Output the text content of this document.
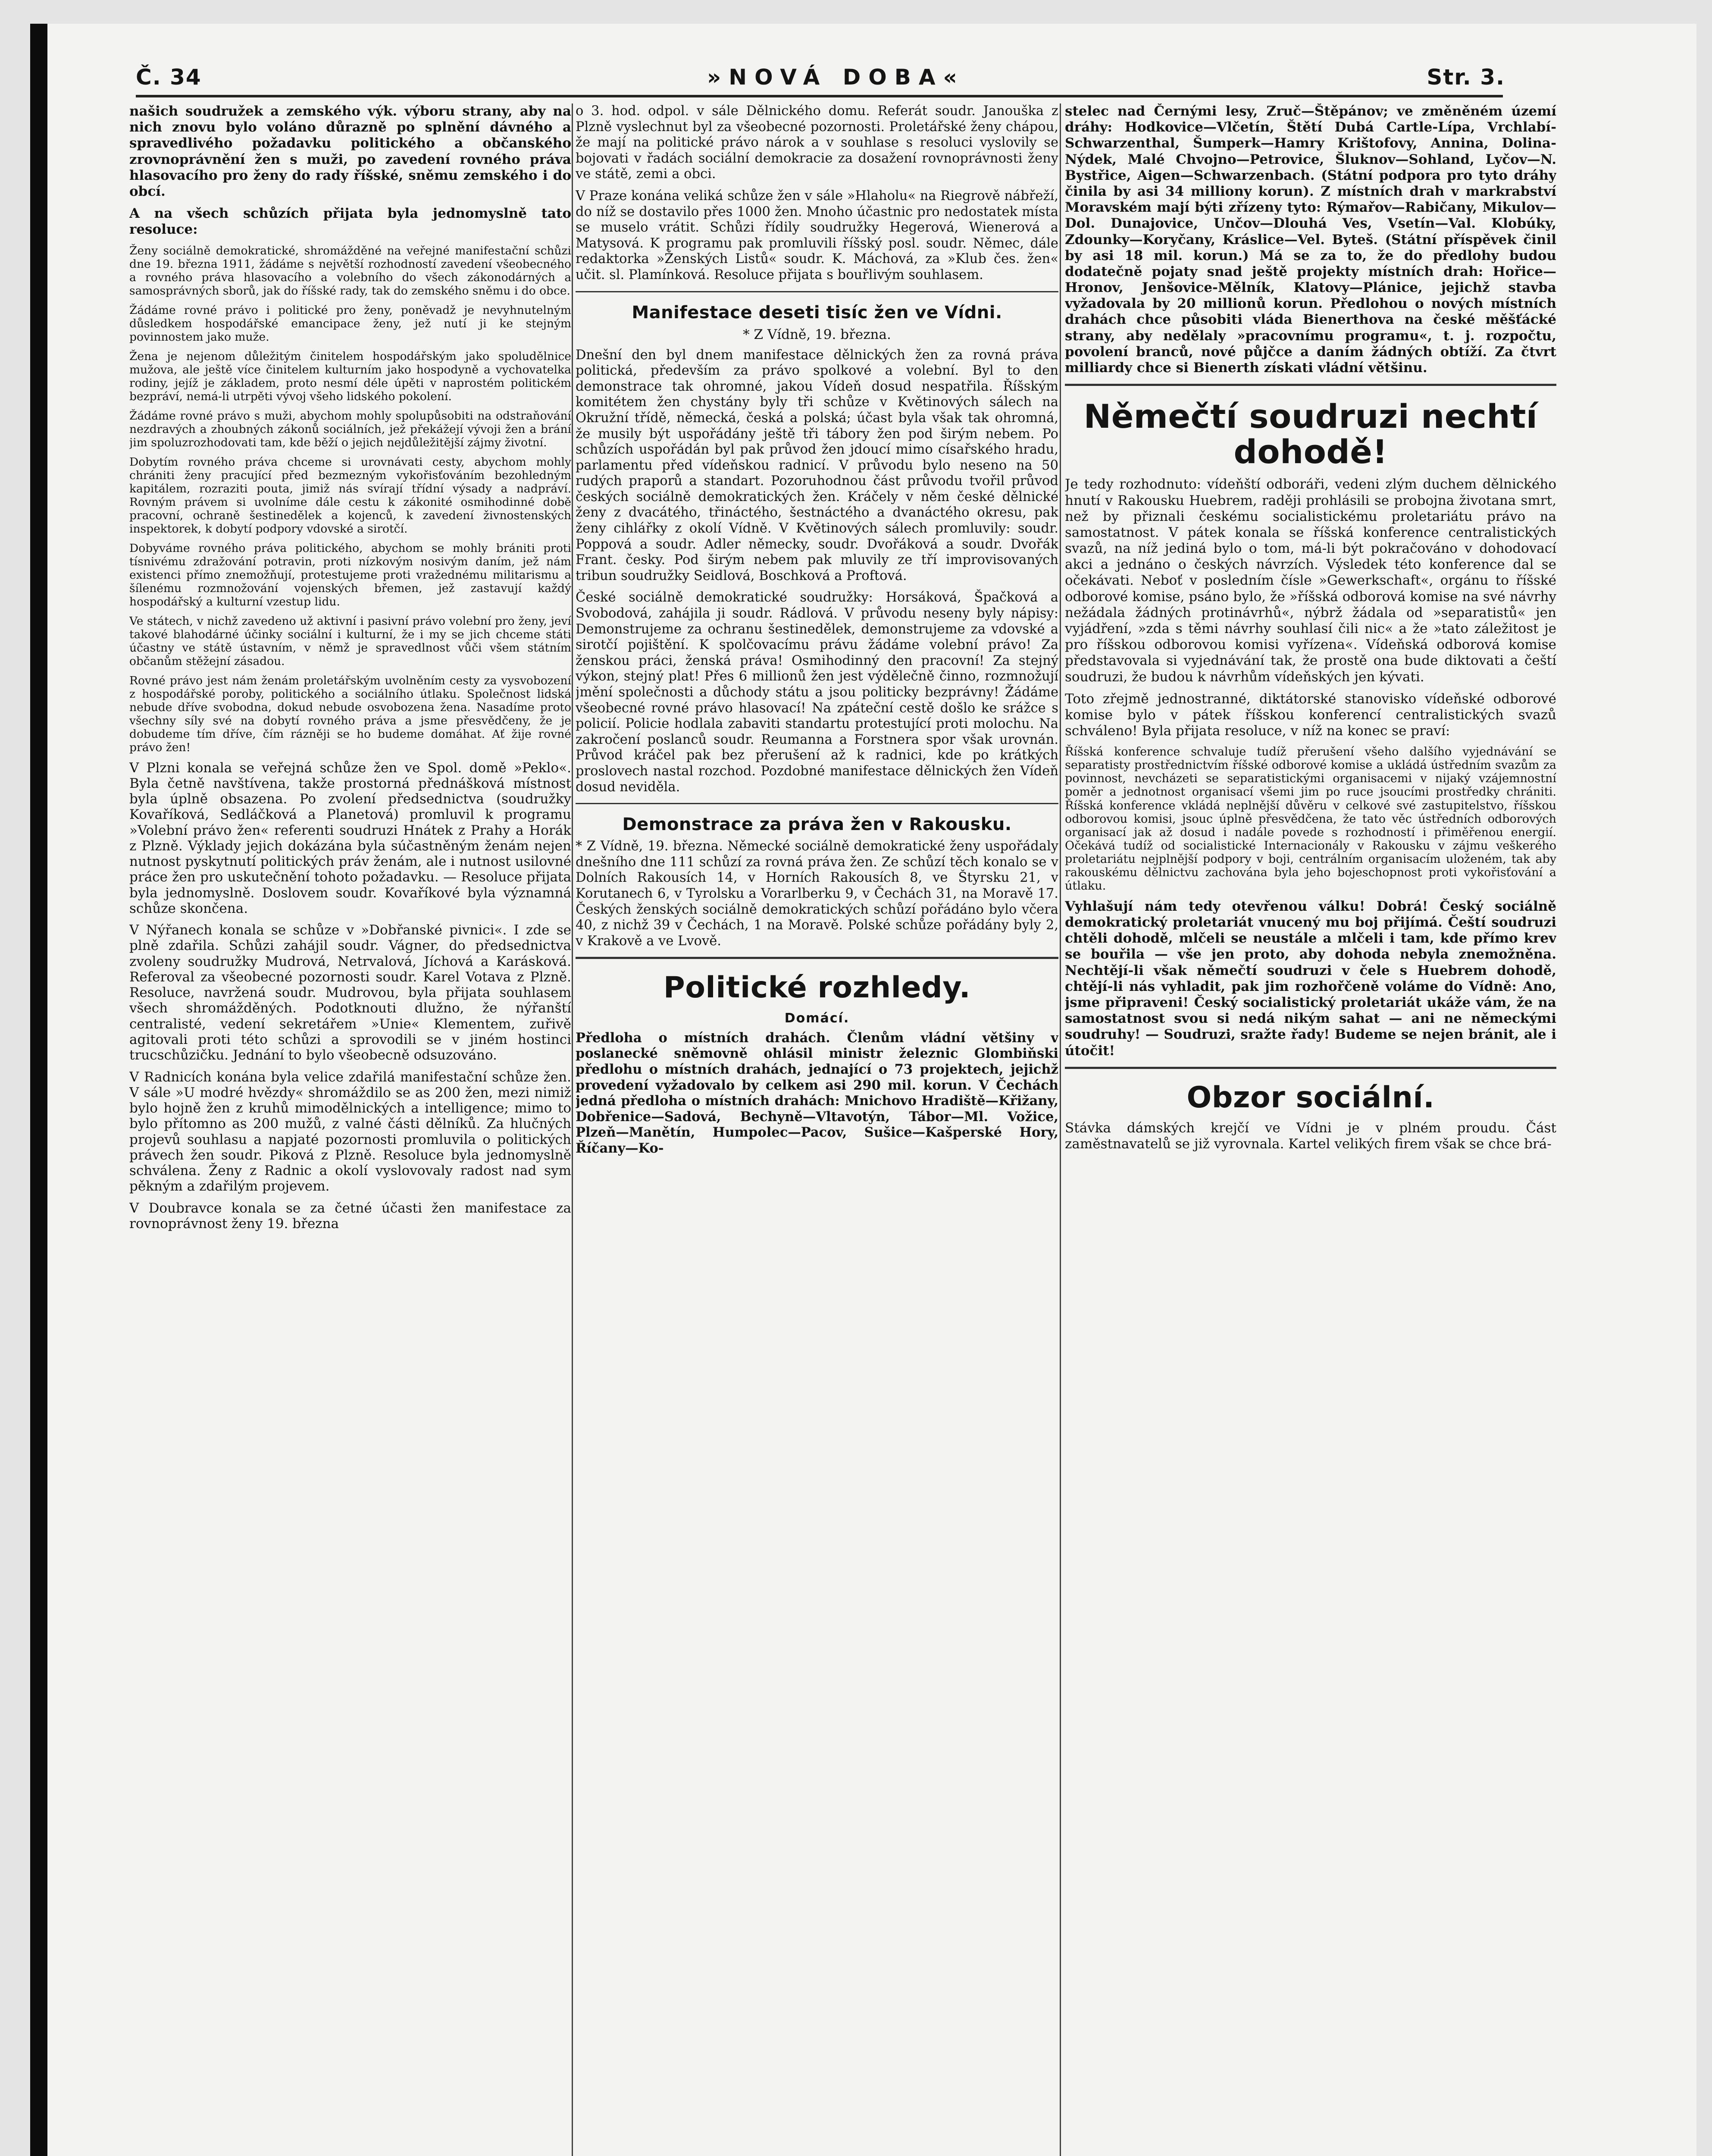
Č. 34	»NOVÁ DOBA«	Str. 3.

našich soudružek a zemského výk. výboru strany, aby na nich znovu bylo voláno důrazně po splnění dávného a spravedlivého požadavku politického a občanského zrovnoprávnění žen s muži, po zavedení rovného práva hlasovacího pro ženy do rady říšské, sněmu zemského i do obcí.

A na všech schůzích přijata byla jednomyslně tato resoluce:

Ženy sociálně demokratické, shromážděné na veřejné manifestační schůzi dne 19. března 1911, žádáme s největší rozhodností zavedení všeobecného a rovného práva hlasovacího a volebního do všech zákonodárných a samosprávných sborů, jak do říšské rady, tak do zemského sněmu i do obce.

Žádáme rovné právo i politické pro ženy, poněvadž je nevyhnutelným důsledkem hospodářské emancipace ženy, jež nutí ji ke stejným povinnostem jako muže.

Žena je nejenom důležitým činitelem hospodářským jako spoludělnice mužova, ale ještě více činitelem kulturním jako hospodyně a vychovatelka rodiny, jejíž je základem, proto nesmí déle úpěti v naprostém politickém bezpráví, nemá-li utrpěti vývoj všeho lidského pokolení.

Žádáme rovné právo s muži, abychom mohly spolupůsobiti na odstraňování nezdravých a zhoubných zákonů sociálních, jež překážejí vývoji žen a brání jim spoluzrozhodovati tam, kde běží o jejich nejdůležitější zájmy životní.

Dobytím rovného práva chceme si urovnávati cesty, abychom mohly chrániti ženy pracující před bezmezným vykořisťováním bezohledným kapitálem, rozraziti pouta, jimiž nás svírají třídní výsady a nadpráví. Rovným právem si uvolníme dále cestu k zákonité osmihodinné době pracovní, ochraně šestinedělek a kojenců, k zavedení živnostenských inspektorek, k dobytí podpory vdovské a sirotčí.

Dobyváme rovného práva politického, abychom se mohly brániti proti tísnivému zdražování potravin, proti nízkovým nosivým daním, jež nám existenci přímo znemožňují, protestujeme proti vražednému militarismu a šílenému rozmnožování vojenských břemen, jež zastavují každý hospodářský a kulturní vzestup lidu.

Ve státech, v nichž zavedeno už aktivní i pasivní právo volební pro ženy, jeví takové blahodárné účinky sociální i kulturní, že i my se jich chceme státi účastny ve státě ústavním, v němž je spravedlnost vůči všem státním občanům stěžejní zásadou.

Rovné právo jest nám ženám proletářským uvolněním cesty za vysvobození z hospodářské poroby, politického a sociálního útlaku. Společnost lidská nebude dříve svobodna, dokud nebude osvobozena žena. Nasadíme proto všechny síly své na dobytí rovného práva a jsme přesvědčeny, že je dobudeme tím dříve, čím rázněji se ho budeme domáhat. Ať žije rovné právo žen!

V Plzni konala se veřejná schůze žen ve Spol. domě »Peklo«. Byla četně navštívena, takže prostorná přednášková místnost byla úplně obsazena. Po zvolení předsednictva (soudružky Kovaříková, Sedláčková a Planetová) promluvil k programu »Volební právo žen« referenti soudruzi Hnátek z Prahy a Horák z Plzně. Výklady jejich dokázána byla súčastněným ženám nejen nutnost pyskytnutí politických práv ženám, ale i nutnost usilovné práce žen pro uskutečnění tohoto požadavku. — Resoluce přijata byla jednomyslně. Doslovem soudr. Kovaříkové byla významná schůze skončena.

V Nýřanech konala se schůze v »Dobřanské pivnici«. I zde se plně zdařila. Schůzi zahájil soudr. Vágner, do předsednictva zvoleny soudružky Mudrová, Netrvalová, Jíchová a Karásková. Referoval za všeobecné pozornosti soudr. Karel Votava z Plzně. Resoluce, navržená soudr. Mudrovou, byla přijata souhlasem všech shromážděných. Podotknouti dlužno, že nýřanští centralisté, vedení sekretářem »Unie« Klementem, zuřivě agitovali proti této schůzi a sprovodili se v jiném hostinci trucschůzičku. Jednání to bylo všeobecně odsuzováno.

V Radnicích konána byla velice zdařilá manifestační schůze žen. V sále »U modré hvězdy« shromáždilo se as 200 žen, mezi nimiž bylo hojně žen z kruhů mimodělnických a intelligence; mimo to bylo přítomno as 200 mužů, z valné části dělníků. Za hlučných projevů souhlasu a napjaté pozornosti promluvila o politických právech žen soudr. Piková z Plzně. Resoluce byla jednomyslně schválena. Ženy z Radnic a okolí vyslovovaly radost nad sym pěkným a zdařilým projevem.

V Doubravce konala se za četné účasti žen manifestace za rovnoprávnost ženy 19. března

o 3. hod. odpol. v sále Dělnického domu. Referát soudr. Janouška z Plzně vyslechnut byl za všeobecné pozornosti. Proletářské ženy chápou, že mají na politické právo nárok a v souhlase s resoluci vyslovily se bojovati v řadách sociální demokracie za dosažení rovnoprávnosti ženy ve státě, zemi a obci.

V Praze konána veliká schůze žen v sále »Hlaholu« na Riegrově nábřeží, do níž se dostavilo přes 1000 žen. Mnoho účastnic pro nedostatek místa se muselo vrátit. Schůzi řídily soudružky Hegerová, Wienerová a Matysová. K programu pak promluvili říšský posl. soudr. Němec, dále redaktorka »Ženských Listů« soudr. K. Máchová, za »Klub čes. žen« učit. sl. Plamínková. Resoluce přijata s bouřlivým souhlasem.

Manifestace deseti tisíc žen ve Vídni.
* Z Vídně, 19. března.

Dnešní den byl dnem manifestace dělnických žen za rovná práva politická, především za právo spolkové a volební. Byl to den demonstrace tak ohromné, jakou Vídeň dosud nespatřila. Říšským komitétem žen chystány byly tři schůze v Květinových sálech na Okružní třídě, německá, česká a polská; účast byla však tak ohromná, že musily být uspořádány ještě tři tábory žen pod širým nebem. Po schůzích uspořádán byl pak průvod žen jdoucí mimo císařského hradu, parlamentu před vídeňskou radnicí. V průvodu bylo neseno na 50 rudých praporů a standart. Pozoruhodnou část průvodu tvořil průvod českých sociálně demokratických žen. Kráčely v něm české dělnické ženy z dvacátého, třináctého, šestnáctého a dvanáctého okresu, pak ženy cihlářky z okolí Vídně. V Květinových sálech promluvily: soudr. Poppová a soudr. Adler německy, soudr. Dvořáková a soudr. Dvořák Frant. česky. Pod širým nebem pak mluvily ze tří improvisovaných tribun soudružky Seidlová, Boschková a Proftová.

České sociálně demokratické soudružky: Horsáková, Špačková a Svobodová, zahájila ji soudr. Rádlová. V průvodu neseny byly nápisy: Demonstrujeme za ochranu šestinedělek, demonstrujeme za vdovské a sirotčí pojištění. K spolčovacímu právu žádáme volební právo! Za ženskou práci, ženská práva! Osmihodinný den pracovní! Za stejný výkon, stejný plat! Přes 6 millionů žen jest výdělečně činno, rozmnožují jmění společnosti a důchody státu a jsou politicky bezprávny! Žádáme všeobecné rovné právo hlasovací! Na zpáteční cestě došlo ke srážce s policií. Policie hodlala zabaviti standartu protestující proti molochu. Na zakročení poslanců soudr. Reumanna a Forstnera spor však urovnán. Průvod kráčel pak bez přerušení až k radnici, kde po krátkých proslovech nastal rozchod. Pozdobné manifestace dělnických žen Vídeň dosud neviděla.

Demonstrace za práva žen v Rakousku.

* Z Vídně, 19. března. Německé sociálně demokratické ženy uspořádaly dnešního dne 111 schůzí za rovná práva žen. Ze schůzí těch konalo se v Dolních Rakousích 14, v Horních Rakousích 8, ve Štyrsku 21, v Korutanech 6, v Tyrolsku a Vorarlberku 9, v Čechách 31, na Moravě 17. Českých ženských sociálně demokratických schůzí pořádáno bylo včera 40, z nichž 39 v Čechách, 1 na Moravě. Polské schůze pořádány byly 2, v Krakově a ve Lvově.

Politické rozhledy.
Domácí.

Předloha o místních drahách. Členům vládní většiny v poslanecké sněmovně ohlásil ministr železnic Glombiňski předlohu o místních drahách, jednající o 73 projektech, jejichž provedení vyžadovalo by celkem asi 290 mil. korun. V Čechách jedná předloha o místních drahách: Mnichovo Hradiště—Křižany, Dobřenice—Sadová, Bechyně—Vltavotýn, Tábor—Ml. Vožice, Plzeň—Manětín, Humpolec—Pacov, Sušice—Kašperské Hory, Říčany—Ko-

stelec nad Černými lesy, Zruč—Štěpánov; ve změněném území dráhy: Hodkovice—Vlčetín, Štětí Dubá Cartle-Lípa, Vrchlabí-Schwarzenthal, Šumperk—Hamry Krištofovy, Annina, Dolina-Nýdek, Malé Chvojno—Petrovice, Šluknov—Sohland, Lyčov—N. Bystřice, Aigen—Schwarzenbach. (Státní podpora pro tyto dráhy činila by asi 34 milliony korun). Z místních drah v markrabství Moravském mají býti zřízeny tyto: Rýmařov—Rabičany, Mikulov—Dol. Dunajovice, Unčov—Dlouhá Ves, Vsetín—Val. Klobúky, Zdounky—Koryčany, Kráslice—Vel. Byteš. (Státní příspěvek činil by asi 18 mil. korun.) Má se za to, že do předlohy budou dodatečně pojaty snad ještě projekty místních drah: Hořice—Hronov, Jenšovice-Mělník, Klatovy—Plánice, jejichž stavba vyžadovala by 20 millionů korun. Předlohou o nových místních drahách chce působiti vláda Bienerthova na české měšťácké strany, aby nedělaly »pracovnímu programu«, t. j. rozpočtu, povolení branců, nové půjčce a daním žádných obtíží. Za čtvrt milliardy chce si Bienerth získati vládní většinu.

Němečtí soudruzi nechtí dohodě!

Je tedy rozhodnuto: vídeňští odboráři, vedeni zlým duchem dělnického hnutí v Rakousku Huebrem, raději prohlásili se probojna životana smrt, než by přiznali českému socialistickému proletariátu právo na samostatnost. V pátek konala se říšská konference centralistických svazů, na níž jediná bylo o tom, má-li být pokračováno v dohodovací akci a jednáno o českých návrzích. Výsledek této konference dal se očekávati. Neboť v posledním čísle »Gewerkschaft«, orgánu to říšské odborové komise, psáno bylo, že »říšská odborová komise na své návrhy nežádala žádných protinávrhů«, nýbrž žádala od »separatistů« jen vyjádření, »zda s těmi návrhy souhlasí čili nic« a že »tato záležitost je pro říšskou odborovou komisi vyřízena«. Vídeňská odborová komise představovala si vyjednávání tak, že prostě ona bude diktovati a čeští soudruzi, že budou k návrhům vídeňských jen kývati.

Toto zřejmě jednostranné, diktátorské stanovisko vídeňské odborové komise bylo v pátek říšskou konferencí centralistických svazů schváleno! Byla přijata resoluce, v níž na konec se praví:

Říšská konference schvaluje tudíž přerušení všeho dalšího vyjednávání se separatisty prostřednictvím říšské odborové komise a ukládá ústředním svazům za povinnost, nevcházeti se separatistickými organisacemi v nijaký vzájemnostní poměr a jednotnost organisací všemi jim po ruce jsoucími prostředky chrániti. Říšská konference vkládá neplnější důvěru v celkové své zastupitelstvo, říšskou odborovou komisi, jsouc úplně přesvědčena, že tato věc ústředních odborových organisací jak až dosud i nadále povede s rozhodností i přiměřenou energií. Očekává tudíž od socialistické Internacionály v Rakousku v zájmu veškerého proletariátu nejplnější podpory v boji, centrálním organisacím uloženém, tak aby rakouskému dělnictvu zachována byla jeho bojeschopnost proti vykořisťování a útlaku.

Vyhlašují nám tedy otevřenou válku! Dobrá! Český sociálně demokratický proletariát vnucený mu boj přijímá. Čeští soudruzi chtěli dohodě, mlčeli se neustále a mlčeli i tam, kde přímo krev se bouřila — vše jen proto, aby dohoda nebyla znemožněna. Nechtějí-li však němečtí soudruzi v čele s Huebrem dohodě, chtějí-li nás vyhladit, pak jim rozhořčeně voláme do Vídně: Ano, jsme připraveni! Český socialistický proletariát ukáže vám, že na samostatnost svou si nedá nikým sahat — ani ne německými soudruhy! — Soudruzi, sražte řady! Budeme se nejen bránit, ale i útočit!

Obzor sociální.

Stávka dámských krejčí ve Vídni je v plném proudu. Část zaměstnavatelů se již vyrovnala. Kartel velikých firem však se chce brá-
